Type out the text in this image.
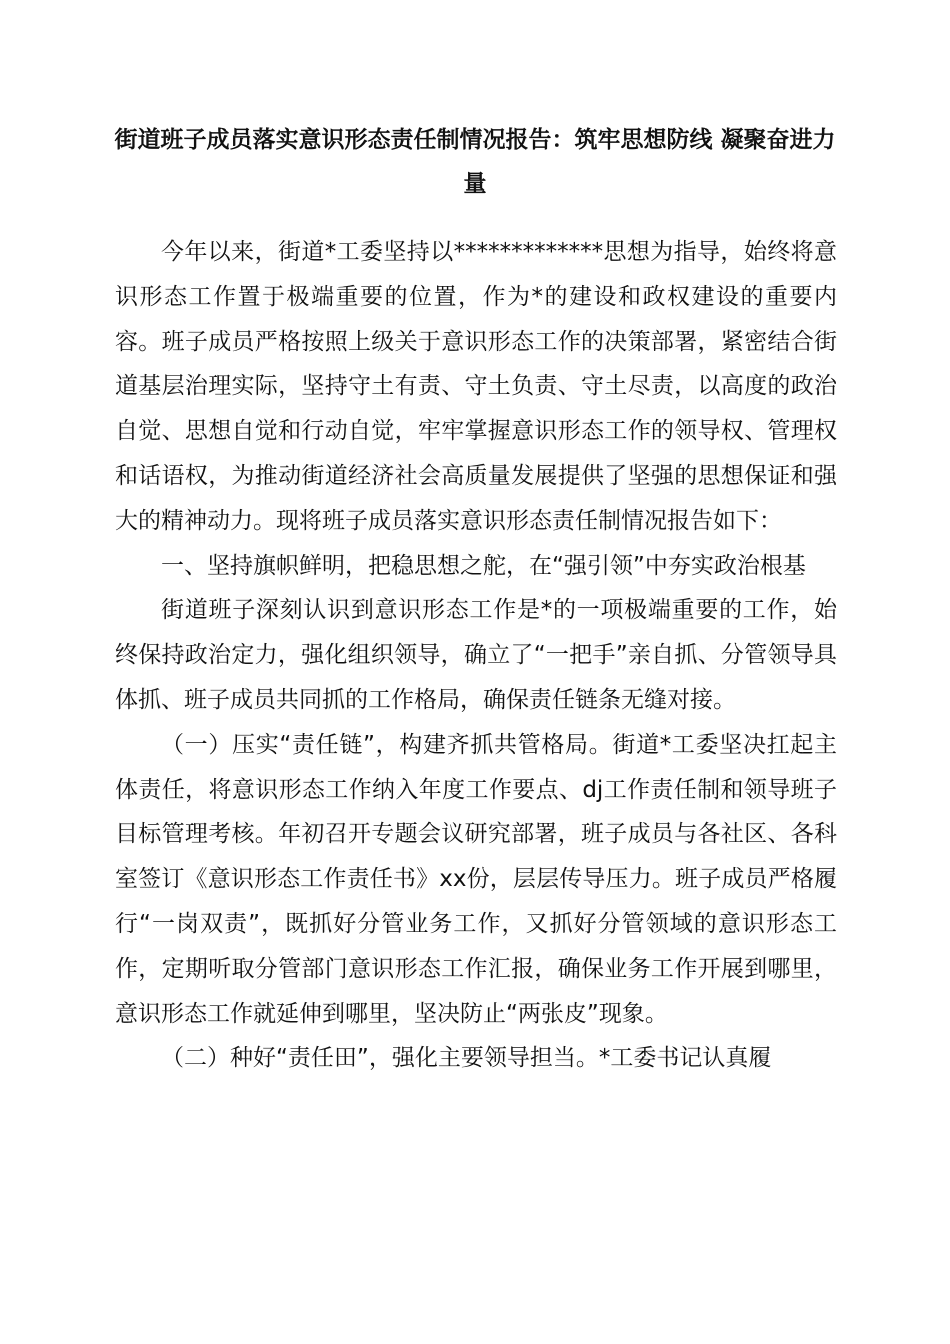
街道班子成员落实意识形态责任制情况报告：筑牢思想防线 凝聚奋进力量

今年以来，街道*工委坚持以*************思想为指导，始终将意识形态工作置于极端重要的位置，作为*的建设和政权建设的重要内容。班子成员严格按照上级关于意识形态工作的决策部署，紧密结合街道基层治理实际，坚持守土有责、守土负责、守土尽责，以高度的政治自觉、思想自觉和行动自觉，牢牢掌握意识形态工作的领导权、管理权和话语权，为推动街道经济社会高质量发展提供了坚强的思想保证和强大的精神动力。现将班子成员落实意识形态责任制情况报告如下：

一、坚持旗帜鲜明，把稳思想之舵，在“强引领”中夯实政治根基

街道班子深刻认识到意识形态工作是*的一项极端重要的工作，始终保持政治定力，强化组织领导，确立了“一把手”亲自抓、分管领导具体抓、班子成员共同抓的工作格局，确保责任链条无缝对接。

（一）压实“责任链”，构建齐抓共管格局。街道*工委坚决扛起主体责任，将意识形态工作纳入年度工作要点、dj工作责任制和领导班子目标管理考核。年初召开专题会议研究部署，班子成员与各社区、各科室签订《意识形态工作责任书》xx份，层层传导压力。班子成员严格履行“一岗双责”，既抓好分管业务工作，又抓好分管领域的意识形态工作，定期听取分管部门意识形态工作汇报，确保业务工作开展到哪里，意识形态工作就延伸到哪里，坚决防止“两张皮”现象。

（二）种好“责任田”，强化主要领导担当。*工委书记认真履
